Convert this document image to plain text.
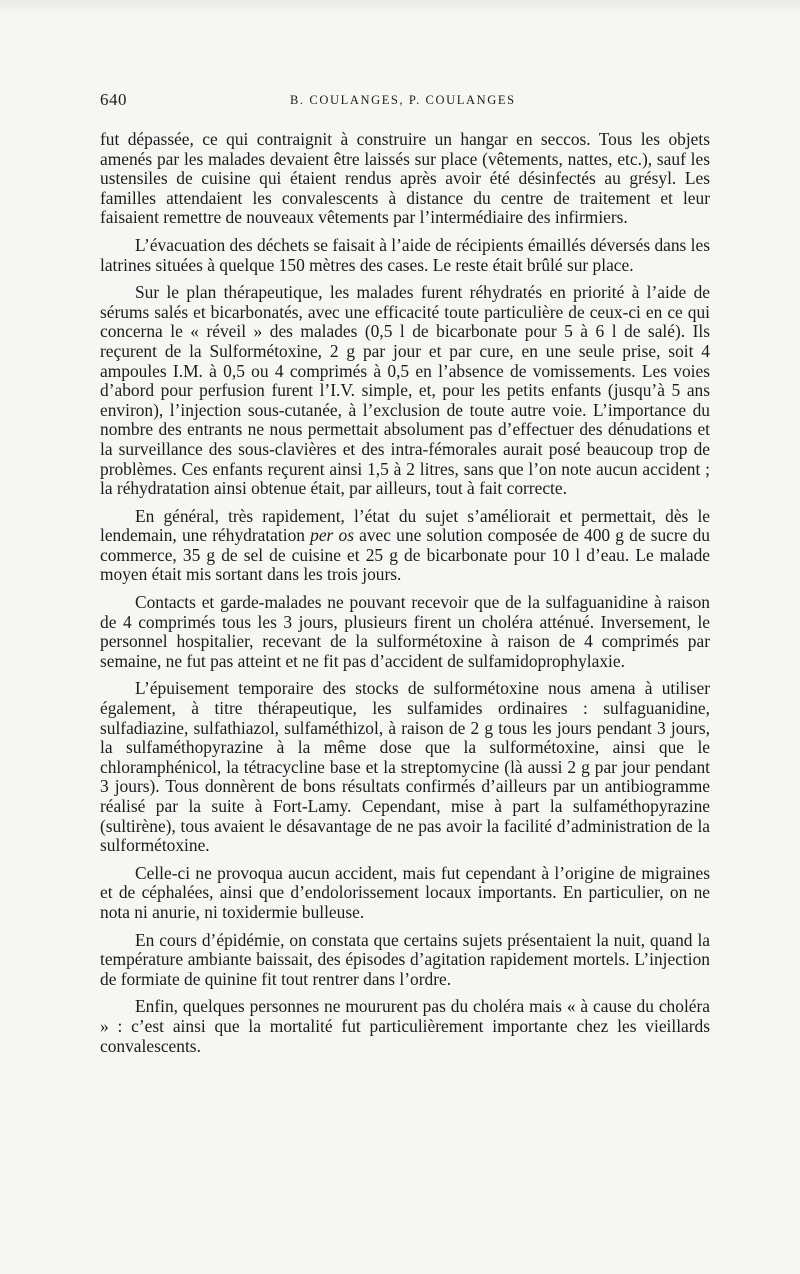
640	B. COULANGES, P. COULANGES

fut dépassée, ce qui contraignit à construire un hangar en seccos. Tous les objets amenés par les malades devaient être laissés sur place (vêtements, nattes, etc.), sauf les ustensiles de cuisine qui étaient rendus après avoir été désinfectés au grésyl. Les familles attendaient les convalescents à distance du centre de traitement et leur faisaient remettre de nouveaux vêtements par l’intermédiaire des infirmiers.

L’évacuation des déchets se faisait à l’aide de récipients émaillés déversés dans les latrines situées à quelque 150 mètres des cases. Le reste était brûlé sur place.

Sur le plan thérapeutique, les malades furent réhydratés en priorité à l’aide de sérums salés et bicarbonatés, avec une efficacité toute particulière de ceux-ci en ce qui concerna le « réveil » des malades (0,5 l de bicarbonate pour 5 à 6 l de salé). Ils reçurent de la Sulformétoxine, 2 g par jour et par cure, en une seule prise, soit 4 ampoules I.M. à 0,5 ou 4 comprimés à 0,5 en l’absence de vomissements. Les voies d’abord pour perfusion furent l’I.V. simple, et, pour les petits enfants (jusqu’à 5 ans environ), l’injection sous-cutanée, à l’exclusion de toute autre voie. L’importance du nombre des entrants ne nous permettait absolument pas d’effectuer des dénudations et la surveillance des sous-clavières et des intra-fémorales aurait posé beaucoup trop de problèmes. Ces enfants reçurent ainsi 1,5 à 2 litres, sans que l’on note aucun accident ; la réhydratation ainsi obtenue était, par ailleurs, tout à fait correcte.

En général, très rapidement, l’état du sujet s’améliorait et permettait, dès le lendemain, une réhydratation per os avec une solution composée de 400 g de sucre du commerce, 35 g de sel de cuisine et 25 g de bicarbonate pour 10 l d’eau. Le malade moyen était mis sortant dans les trois jours.

Contacts et garde-malades ne pouvant recevoir que de la sulfaguanidine à raison de 4 comprimés tous les 3 jours, plusieurs firent un choléra atténué. Inversement, le personnel hospitalier, recevant de la sulformétoxine à raison de 4 comprimés par semaine, ne fut pas atteint et ne fit pas d’accident de sulfamidoprophylaxie.

L’épuisement temporaire des stocks de sulformétoxine nous amena à utiliser également, à titre thérapeutique, les sulfamides ordinaires : sulfaguanidine, sulfadiazine, sulfathiazol, sulfaméthizol, à raison de 2 g tous les jours pendant 3 jours, la sulfaméthopyrazine à la même dose que la sulformétoxine, ainsi que le chloramphénicol, la tétracycline base et la streptomycine (là aussi 2 g par jour pendant 3 jours). Tous donnèrent de bons résultats confirmés d’ailleurs par un antibiogramme réalisé par la suite à Fort-Lamy. Cependant, mise à part la sulfaméthopyrazine (sultirène), tous avaient le désavantage de ne pas avoir la facilité d’administration de la sulformétoxine.

Celle-ci ne provoqua aucun accident, mais fut cependant à l’origine de migraines et de céphalées, ainsi que d’endolorissement locaux importants. En particulier, on ne nota ni anurie, ni toxidermie bulleuse.

En cours d’épidémie, on constata que certains sujets présentaient la nuit, quand la température ambiante baissait, des épisodes d’agitation rapidement mortels. L’injection de formiate de quinine fit tout rentrer dans l’ordre.

Enfin, quelques personnes ne moururent pas du choléra mais « à cause du choléra » : c’est ainsi que la mortalité fut particulièrement importante chez les vieillards convalescents.
